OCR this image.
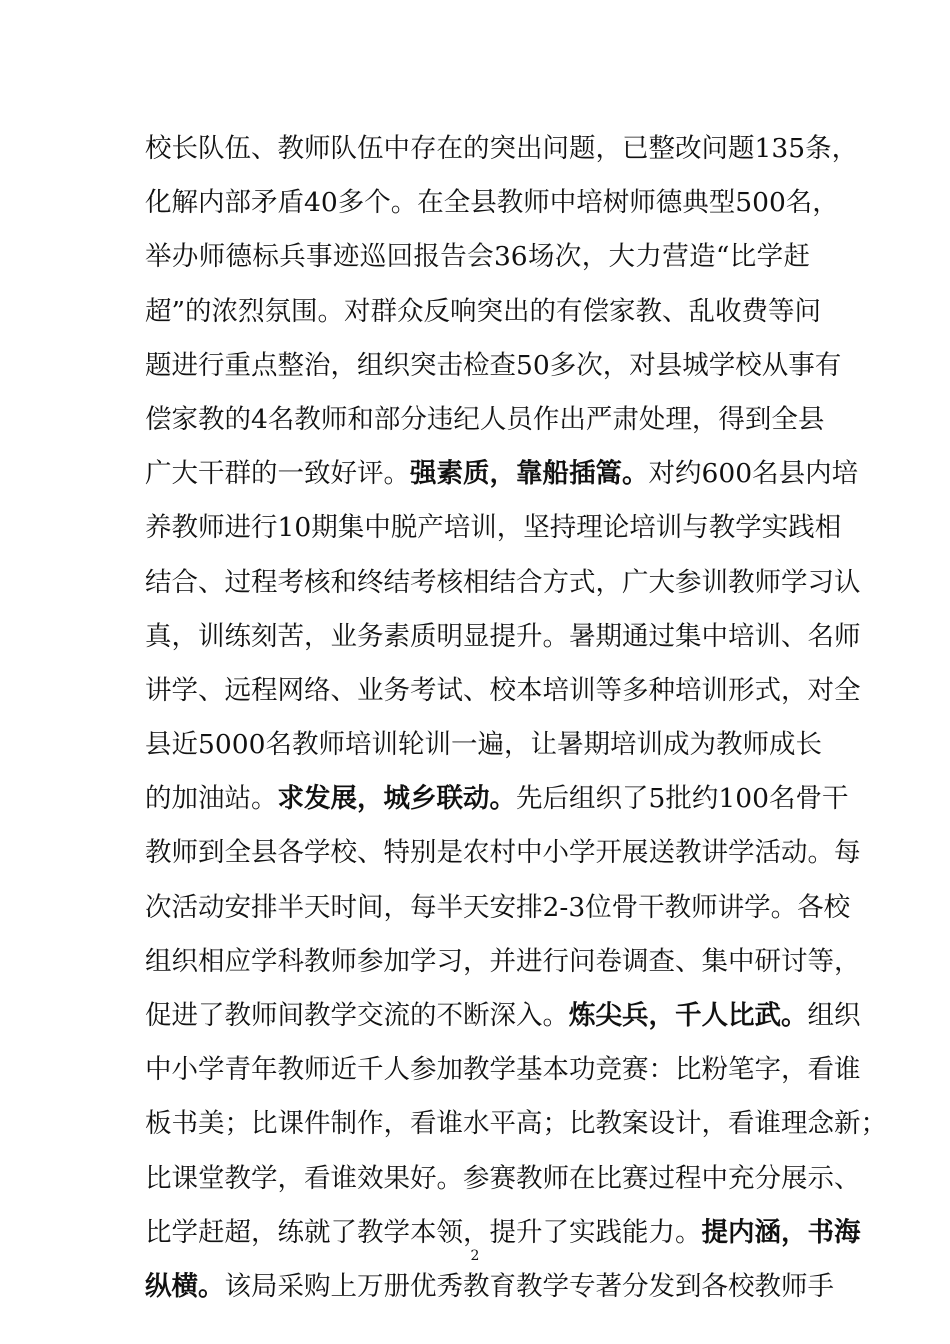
校长队伍、教师队伍中存在的突出问题，已整改问题135条，
化解内部矛盾40多个。在全县教师中培树师德典型500名，
举办师德标兵事迹巡回报告会36场次，大力营造“比学赶
超”的浓烈氛围。对群众反响突出的有偿家教、乱收费等问
题进行重点整治，组织突击检查50多次，对县城学校从事有
偿家教的4名教师和部分违纪人员作出严肃处理，得到全县
广大干群的一致好评。强素质，靠船插篙。对约600名县内培
养教师进行10期集中脱产培训，坚持理论培训与教学实践相
结合、过程考核和终结考核相结合方式，广大参训教师学习认
真，训练刻苦，业务素质明显提升。暑期通过集中培训、名师
讲学、远程网络、业务考试、校本培训等多种培训形式，对全
县近5000名教师培训轮训一遍，让暑期培训成为教师成长
的加油站。求发展，城乡联动。先后组织了5批约100名骨干
教师到全县各学校、特别是农村中小学开展送教讲学活动。每
次活动安排半天时间，每半天安排2-3位骨干教师讲学。各校
组织相应学科教师参加学习，并进行问卷调查、集中研讨等，
促进了教师间教学交流的不断深入。炼尖兵，千人比武。组织
中小学青年教师近千人参加教学基本功竞赛：比粉笔字，看谁
板书美；比课件制作，看谁水平高；比教案设计，看谁理念新；
比课堂教学，看谁效果好。参赛教师在比赛过程中充分展示、
比学赶超，练就了教学本领，提升了实践能力。提内涵，书海
纵横。该局采购上万册优秀教育教学专著分发到各校教师手
2
